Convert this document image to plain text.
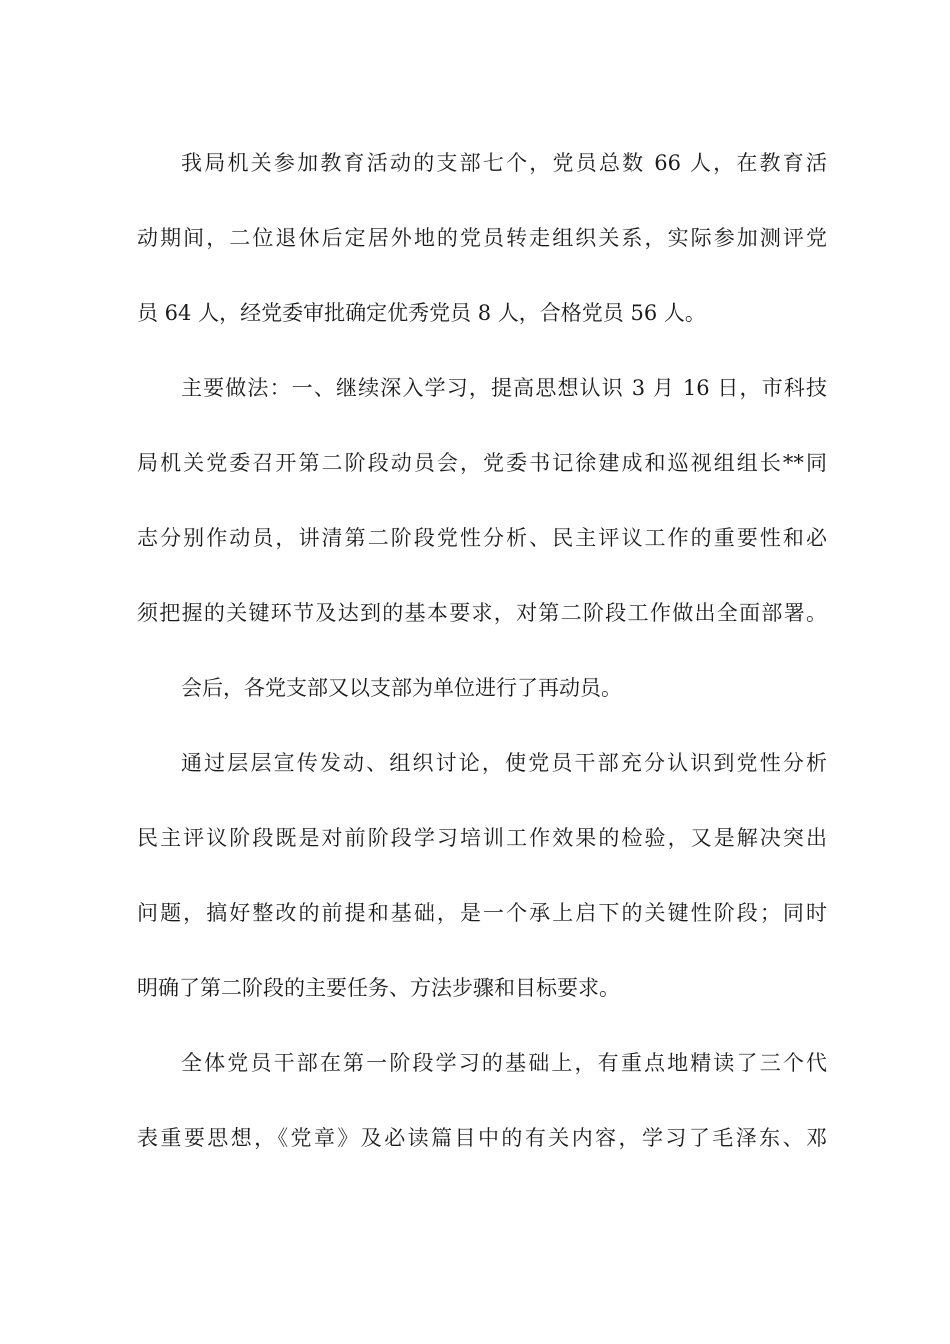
我局机关参加教育活动的支部七个，党员总数 66 人，在教育活

动期间，二位退休后定居外地的党员转走组织关系，实际参加测评党

员 64 人，经党委审批确定优秀党员 8 人，合格党员 56 人。

主要做法：一、继续深入学习，提高思想认识 3 月 16 日，市科技

局机关党委召开第二阶段动员会，党委书记徐建成和巡视组组长**同

志分别作动员，讲清第二阶段党性分析、民主评议工作的重要性和必

须把握的关键环节及达到的基本要求，对第二阶段工作做出全面部署。

会后，各党支部又以支部为单位进行了再动员。

通过层层宣传发动、组织讨论，使党员干部充分认识到党性分析

民主评议阶段既是对前阶段学习培训工作效果的检验，又是解决突出

问题，搞好整改的前提和基础，是一个承上启下的关键性阶段；同时

明确了第二阶段的主要任务、方法步骤和目标要求。

全体党员干部在第一阶段学习的基础上，有重点地精读了三个代

表重要思想，《党章》及必读篇目中的有关内容，学习了毛泽东、邓
